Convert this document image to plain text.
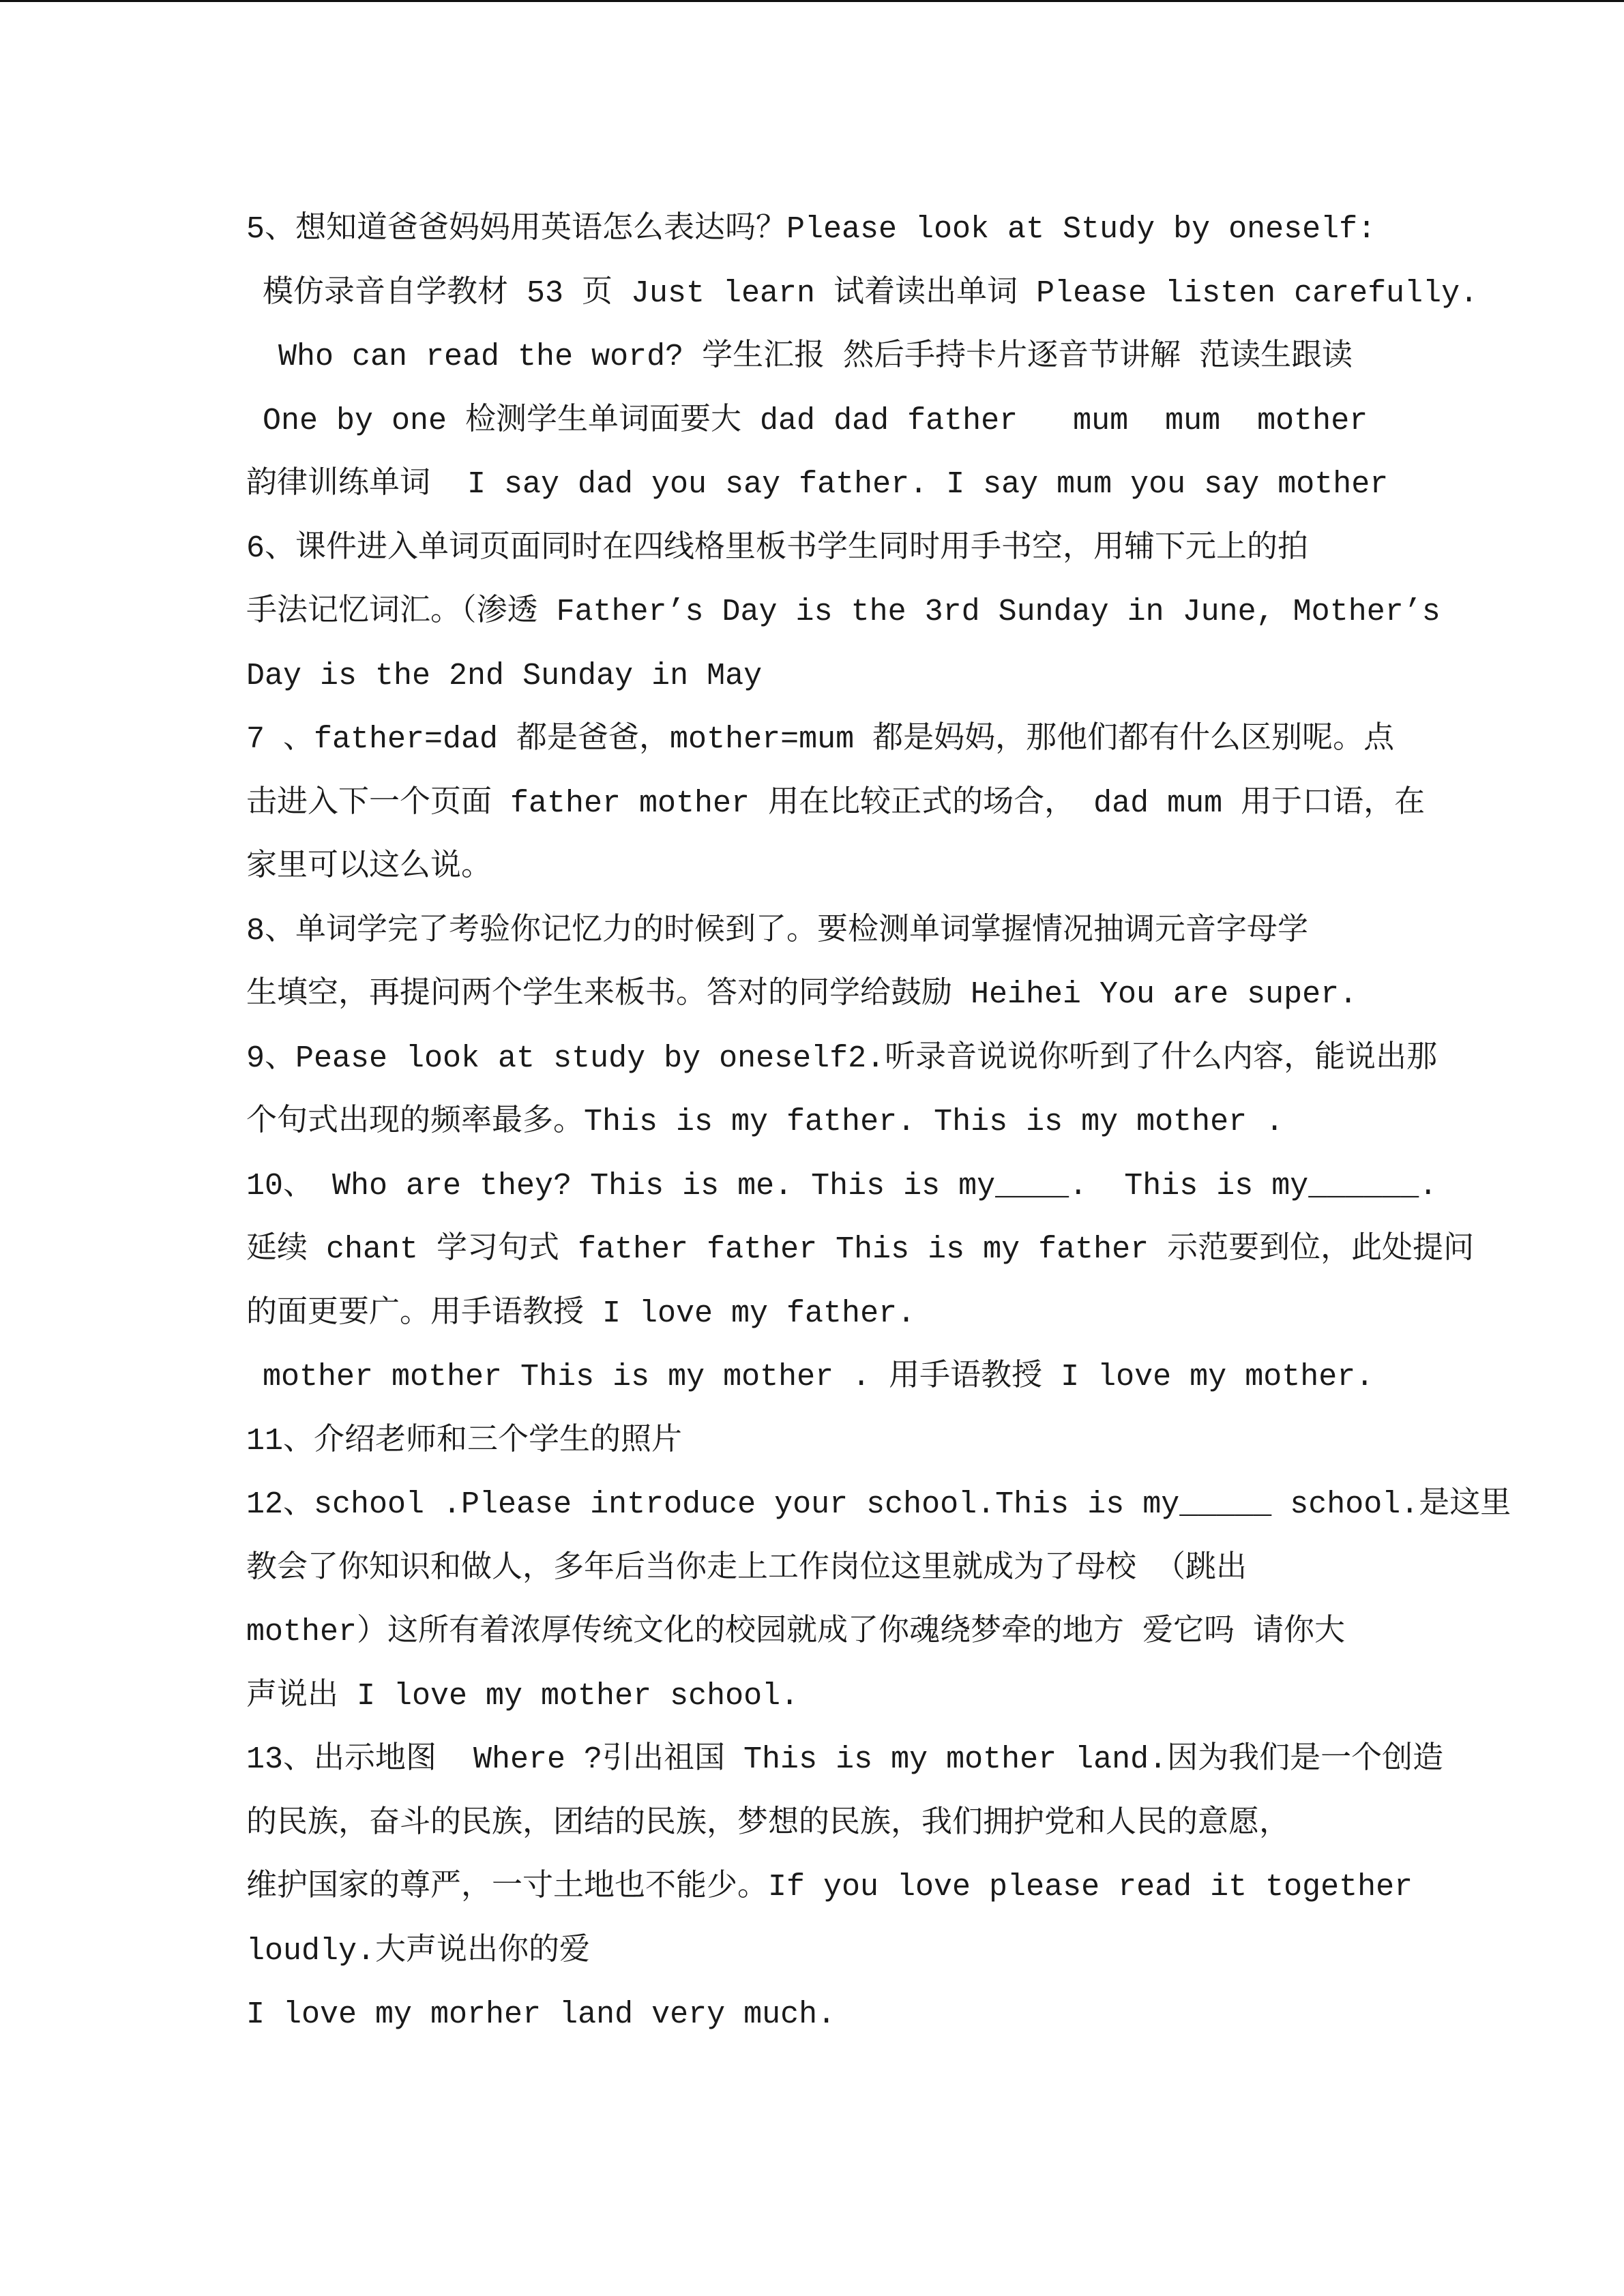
5、想知道爸爸妈妈用英语怎么表达吗？Please look at Study by oneself:
模仿录音自学教材 53 页 Just learn 试着读出单词 Please listen carefully.
Who can read the word? 学生汇报 然后手持卡片逐音节讲解 范读生跟读
One by one 检测学生单词面要大 dad dad father   mum  mum  mother
韵律训练单词  I say dad you say father. I say mum you say mother
6、课件进入单词页面同时在四线格里板书学生同时用手书空，用辅下元上的拍
手法记忆词汇。（渗透 Father’s Day is the 3rd Sunday in June, Mother’s
Day is the 2nd Sunday in May
7 、father=dad 都是爸爸，mother=mum 都是妈妈，那他们都有什么区别呢。点
击进入下一个页面 father mother 用在比较正式的场合， dad mum 用于口语，在
家里可以这么说。
8、单词学完了考验你记忆力的时候到了。要检测单词掌握情况抽调元音字母学
生填空，再提问两个学生来板书。答对的同学给鼓励 Heihei You are super.
9、Pease look at study by oneself2.听录音说说你听到了什么内容，能说出那
个句式出现的频率最多。This is my father. This is my mother .
10、 Who are they? This is me. This is my____.  This is my______.
延续 chant 学习句式 father father This is my father 示范要到位，此处提问
的面更要广。用手语教授 I love my father.
mother mother This is my mother . 用手语教授 I love my mother.
11、介绍老师和三个学生的照片
12、school .Please introduce your school.This is my_____ school.是这里
教会了你知识和做人，多年后当你走上工作岗位这里就成为了母校 （跳出
mother）这所有着浓厚传统文化的校园就成了你魂绕梦牵的地方 爱它吗 请你大
声说出 I love my mother school.
13、出示地图  Where ?引出祖国 This is my mother land.因为我们是一个创造
的民族，奋斗的民族，团结的民族，梦想的民族，我们拥护党和人民的意愿，
维护国家的尊严，一寸土地也不能少。If you love please read it together
loudly.大声说出你的爱
I love my morher land very much.
